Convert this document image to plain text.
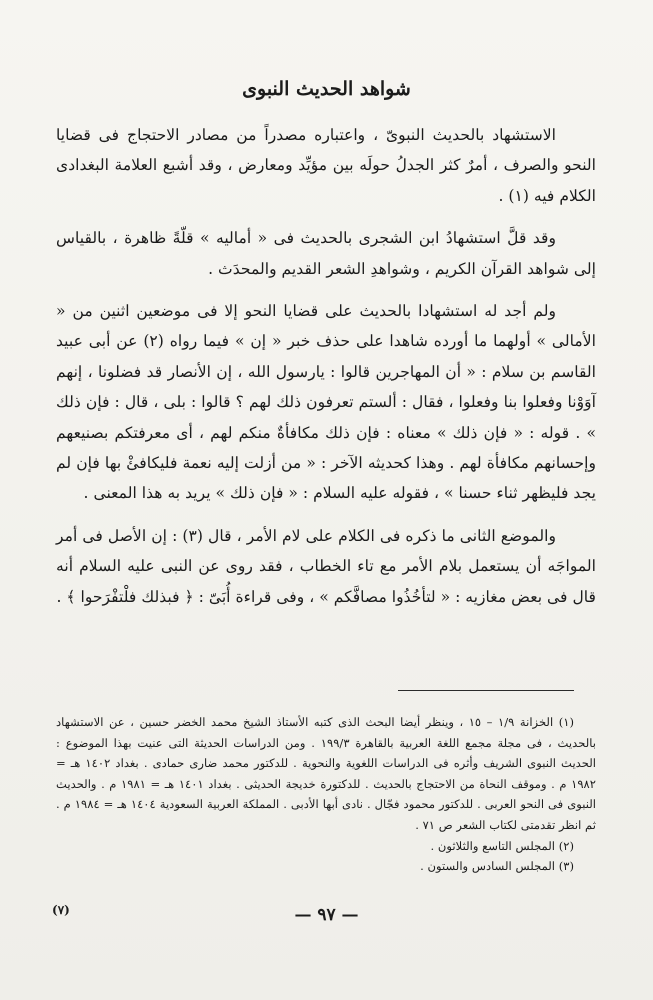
شواهد الحديث النبوى

الاستشهاد بالحديث النبوىّ ، واعتباره مصدراً من مصادر الاحتجاج فى قضايا النحو والصرف ، أمرٌ كثر الجدلُ حولَه بين مؤيِّد ومعارض ، وقد أشبع العلامة البغدادى الكلام فيه (١) .

وقد قلَّ استشهادُ ابن الشجرى بالحديث فى « أماليه » قلّةً ظاهرة ، بالقياس إلى شواهد القرآن الكريم ، وشواهدِ الشعر القديم والمحدَث .

ولم أجد له استشهادا بالحديث على قضايا النحو إلا فى موضعين اثنين من « الأمالى » أولهما ما أورده شاهدا على حذف خبر « إن » فيما رواه (٢) عن أبى عبيد القاسم بن سلام : « أن المهاجرين قالوا : يارسول الله ، إن الأنصار قد فضلونا ، إنهم آوَوْنا وفعلوا بنا وفعلوا ، فقال : ألستم تعرفون ذلك لهم ؟ قالوا : بلى ، قال : فإن ذلك » . قوله : « فإن ذلك » معناه : فإن ذلك مكافأةٌ منكم لهم ، أى معرفتكم بصنيعهم وإحسانهم مكافأة لهم . وهذا كحديثه الآخر : « من أزلت إليه نعمة فليكافئْ بها فإن لم يجد فليظهر ثناء حسنا » ، فقوله عليه السلام : « فإن ذلك » يريد به هذا المعنى .

والموضع الثانى ما ذكره فى الكلام على لام الأمر ، قال (٣) : إن الأصل فى أمر المواجَه أن يستعمل بلام الأمر مع تاء الخطاب ، فقد روى عن النبى عليه السلام أنه قال فى بعض مغازيه : « لتأخُذُوا مصافَّكم » ، وفى قراءة أُبَىّ : ﴿ فبذلك فلْتفْرَحوا ﴾ .

(١) الخزانة ١/٩ – ١٥ ، وينظر أيضا البحث الذى كتبه الأستاذ الشيخ محمد الخضر حسين ، عن الاستشهاد بالحديث ، فى مجلة مجمع اللغة العربية بالقاهرة ١٩٩/٣ . ومن الدراسات الحديثة التى عنيت بهذا الموضوع : الحديث النبوى الشريف وأثره فى الدراسات اللغوية والنحوية . للدكتور محمد ضارى حمادى . بغداد ١٤٠٢ هـ = ١٩٨٢ م . وموقف النحاة من الاحتجاج بالحديث . للدكتورة خديجة الحديثى . بغداد ١٤٠١ هـ = ١٩٨١ م . والحديث النبوى فى النحو العربى . للدكتور محمود فجّال . نادى أبها الأدبى . المملكة العربية السعودية ١٤٠٤ هـ = ١٩٨٤ م . ثم انظر تقدمتى لكتاب الشعر ص ٧١ .
(٢) المجلس التاسع والثلاثون .
(٣) المجلس السادس والستون .
— ٩٧ —
(٧)
